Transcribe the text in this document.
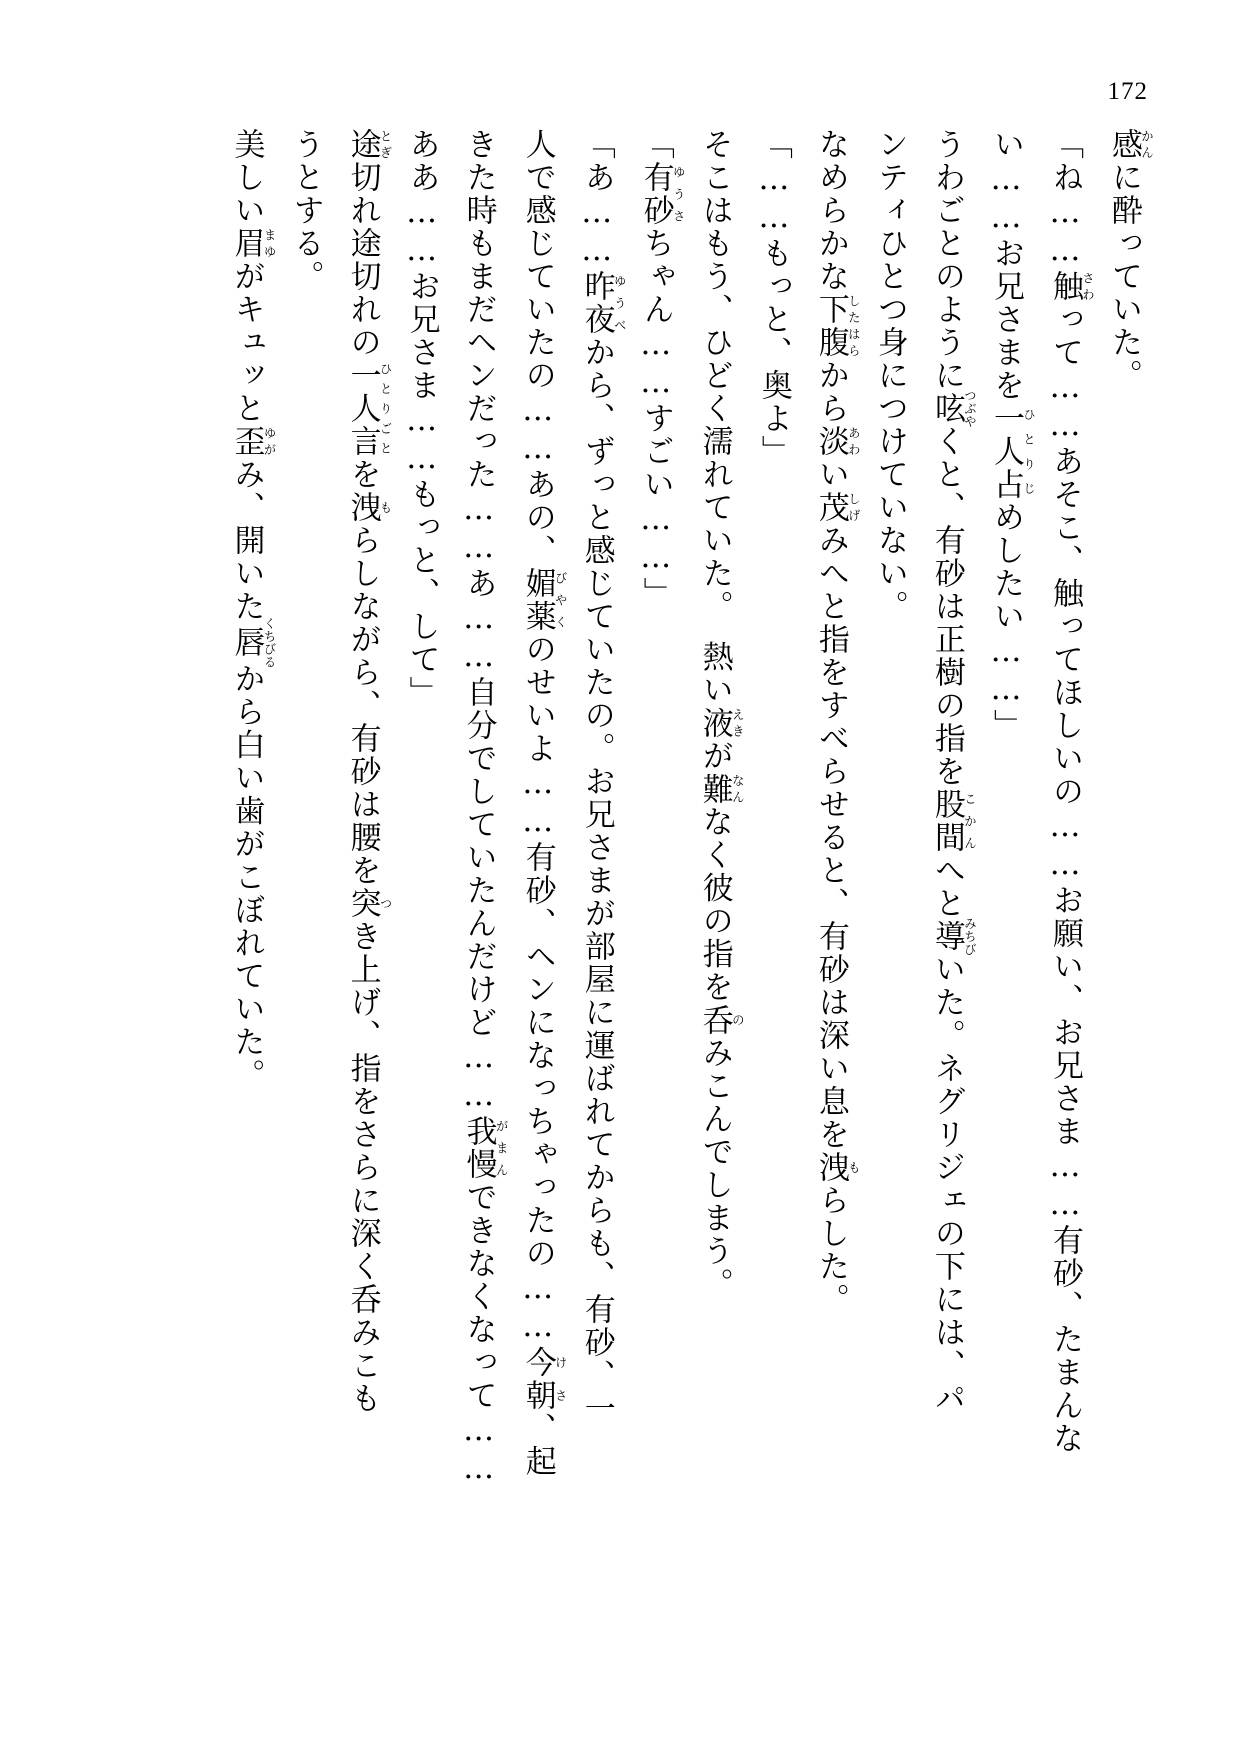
172
感かんに酔っていた。
「ね……触さわって……あそこ、触ってほしいの……お願い、お兄さま……有砂、たまんな
い……お兄さまを一人占ひとりじめしたい……」
うわごとのように呟つぶやくと、有砂は正樹の指を股間こかんへと導みちびいた。ネグリジェの下には、パ
ンティひとつ身につけていない。
なめらかな下腹したはらから淡あわい茂しげみへと指をすべらせると、有砂は深い息を洩もらした。
「……もっと、奥よ」
そこはもう、ひどく濡れていた。　熱い液えきが難なんなく彼の指を呑のみこんでしまう。
「有砂ゆうさちゃん……すごい……」
「あ……昨夜ゆうべから、ずっと感じていたの。お兄さまが部屋に運ばれてからも、有砂、一
人で感じていたの……あの、媚薬びやくのせいよ……有砂、ヘンになっちゃったの……今朝けさ、起
きた時もまだヘンだった……あ……自分でしていたんだけど……我慢がまんできなくなって……
ああ……お兄さま……もっと、して」
途とぎ切れ途切れの一人言ひとりごとを洩もらしながら、有砂は腰を突つき上げ、指をさらに深く呑みこも
うとする。
美しい眉まゆがキュッと歪ゆがみ、開いた唇くちびるから白い歯がこぼれていた。
